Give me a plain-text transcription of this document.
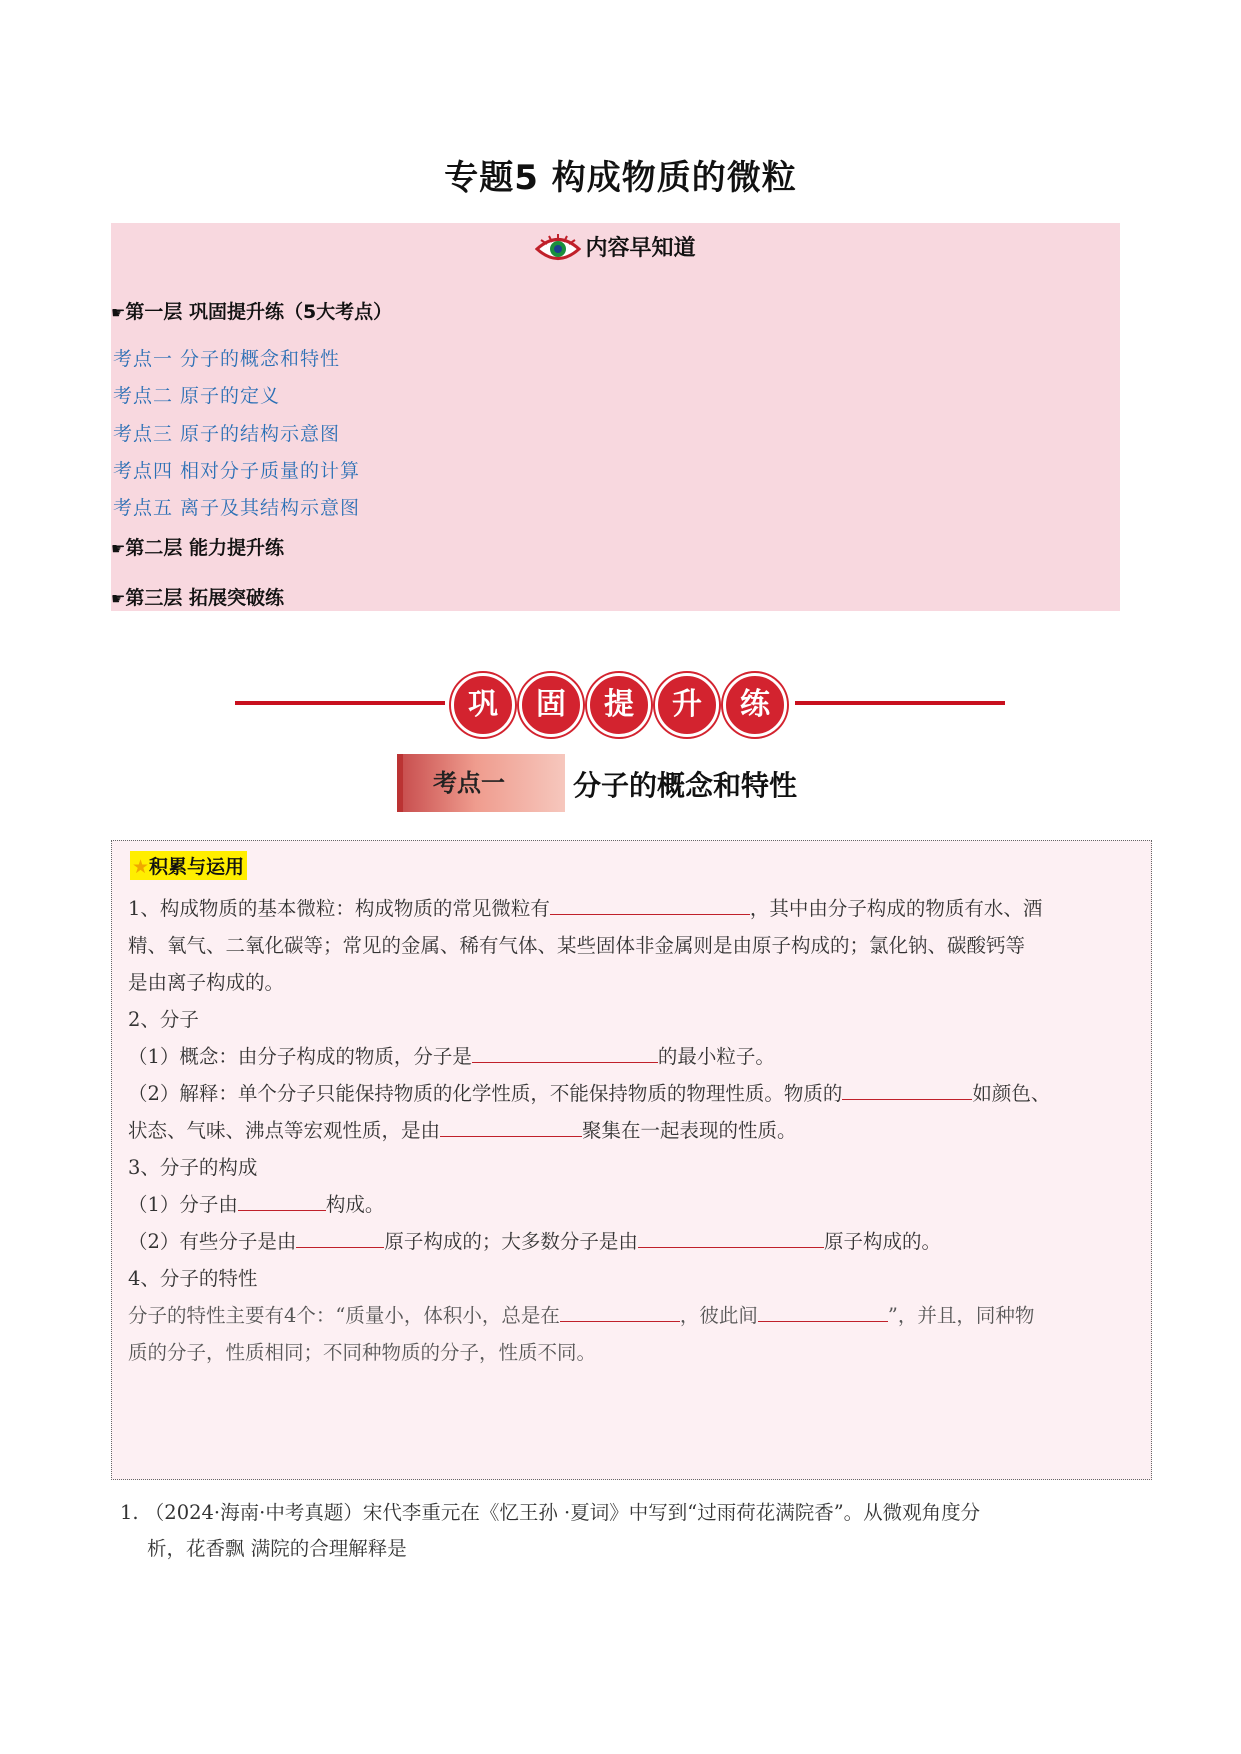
专题5 构成物质的微粒
内容早知道
☛第一层 巩固提升练（5大考点）
考点一 分子的概念和特性
考点二 原子的定义
考点三 原子的结构示意图
考点四 相对分子质量的计算
考点五 离子及其结构示意图
☛第二层 能力提升练
☛第三层 拓展突破练
巩	固	提	升	练
考点一	分子的概念和特性
★积累与运用
1、构成物质的基本微粒：构成物质的常见微粒有	，其中由分子构成的物质有水、酒
精、氧气、二氧化碳等；常见的金属、稀有气体、某些固体非金属则是由原子构成的；氯化钠、碳酸钙等
是由离子构成的。
2、分子
（1）概念：由分子构成的物质，分子是	的最小粒子。
（2）解释：单个分子只能保持物质的化学性质，不能保持物质的物理性质。物质的	如颜色、
状态、气味、沸点等宏观性质，是由	聚集在一起表现的性质。
3、分子的构成
（1）分子由	构成。
（2）有些分子是由	原子构成的；大多数分子是由	原子构成的。
4、分子的特性
分子的特性主要有4个：“质量小，体积小，总是在	，彼此间	”，并且，同种物
质的分子，性质相同；不同种物质的分子，性质不同。
1. （2024·海南·中考真题）宋代李重元在《忆王孙 ·夏词》中写到“过雨荷花满院香”。从微观角度分
析，花香飘 满院的合理解释是
